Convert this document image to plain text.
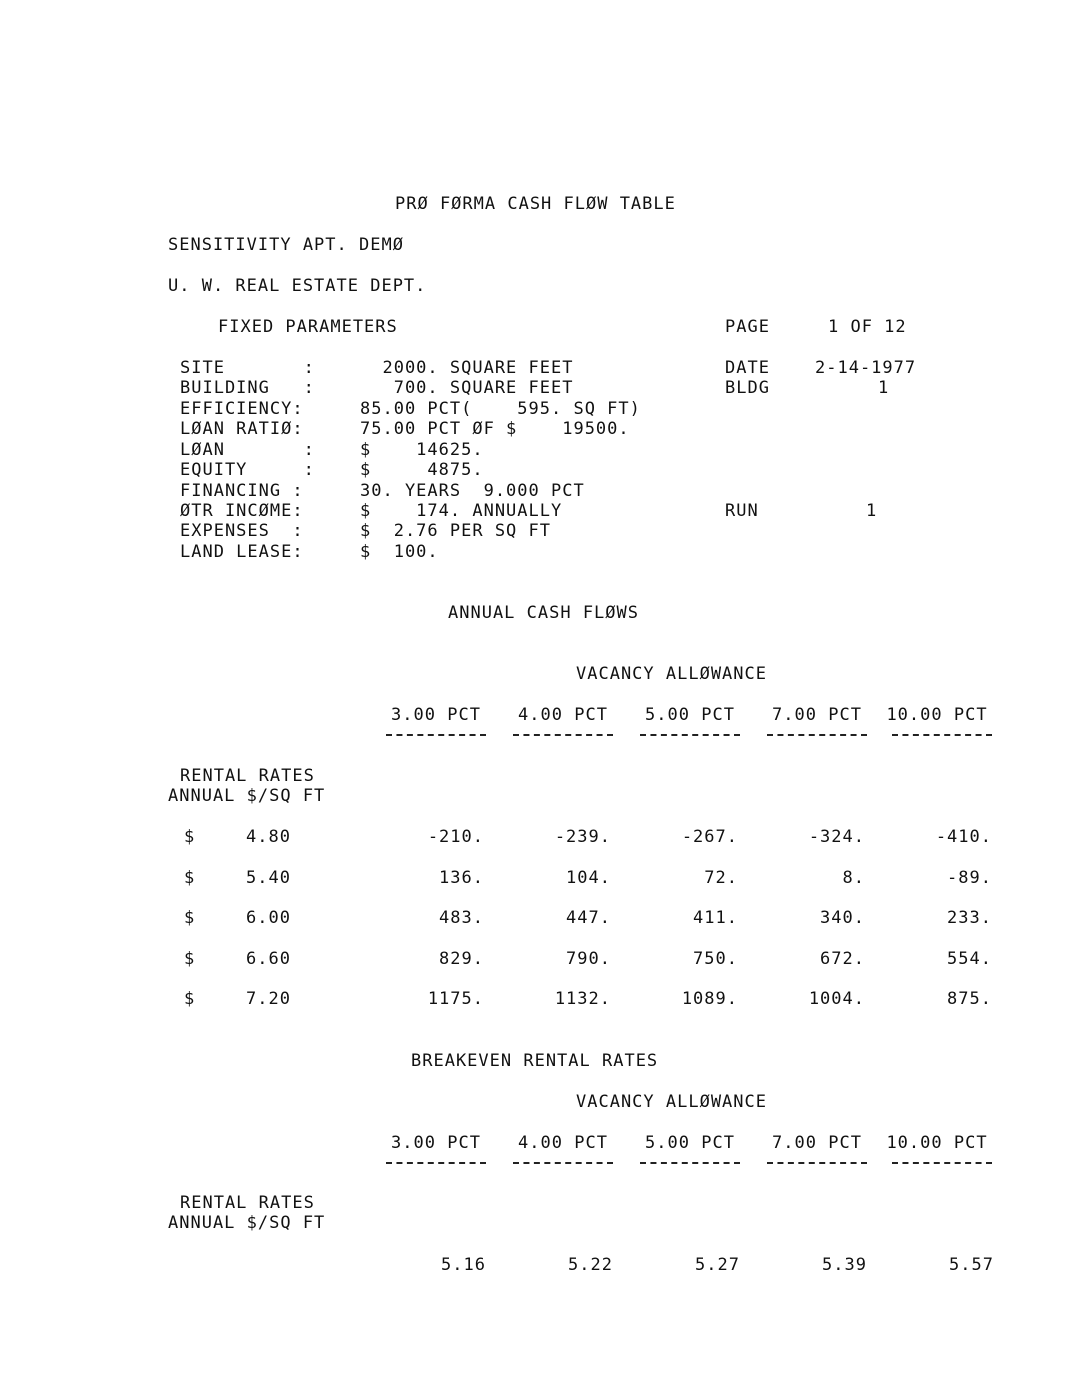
PRØ FØRMA CASH FLØW TABLE
SENSITIVITY APT. DEMØ
U. W. REAL ESTATE DEPT.
FIXED PARAMETERS	PAGE	1 OF 12
SITE       :	2000. SQUARE FEET
BUILDING   :	700. SQUARE FEET
EFFICIENCY:	85.00 PCT(    595. SQ FT)
LØAN RATIØ:	75.00 PCT ØF $    19500.
LØAN       :	$    14625.
EQUITY     :	$     4875.
FINANCING :	30. YEARS  9.000 PCT
ØTR INCØME:	$    174. ANNUALLY
EXPENSES  :	$  2.76 PER SQ FT
LAND LEASE:	$  100.
DATE	2-14-1977
BLDG	1
RUN	1
ANNUAL CASH FLØWS
VACANCY ALLØWANCE
3.00 PCT	4.00 PCT	5.00 PCT	7.00 PCT	10.00 PCT
RENTAL RATES
ANNUAL $/SQ FT
$	4.80	-210.	-239.	-267.	-324.	-410.
$	5.40	136.	104.	72.	8.	-89.
$	6.00	483.	447.	411.	340.	233.
$	6.60	829.	790.	750.	672.	554.
$	7.20	1175.	1132.	1089.	1004.	875.
BREAKEVEN RENTAL RATES
VACANCY ALLØWANCE
3.00 PCT	4.00 PCT	5.00 PCT	7.00 PCT	10.00 PCT
RENTAL RATES
ANNUAL $/SQ FT
5.16	5.22	5.27	5.39	5.57
